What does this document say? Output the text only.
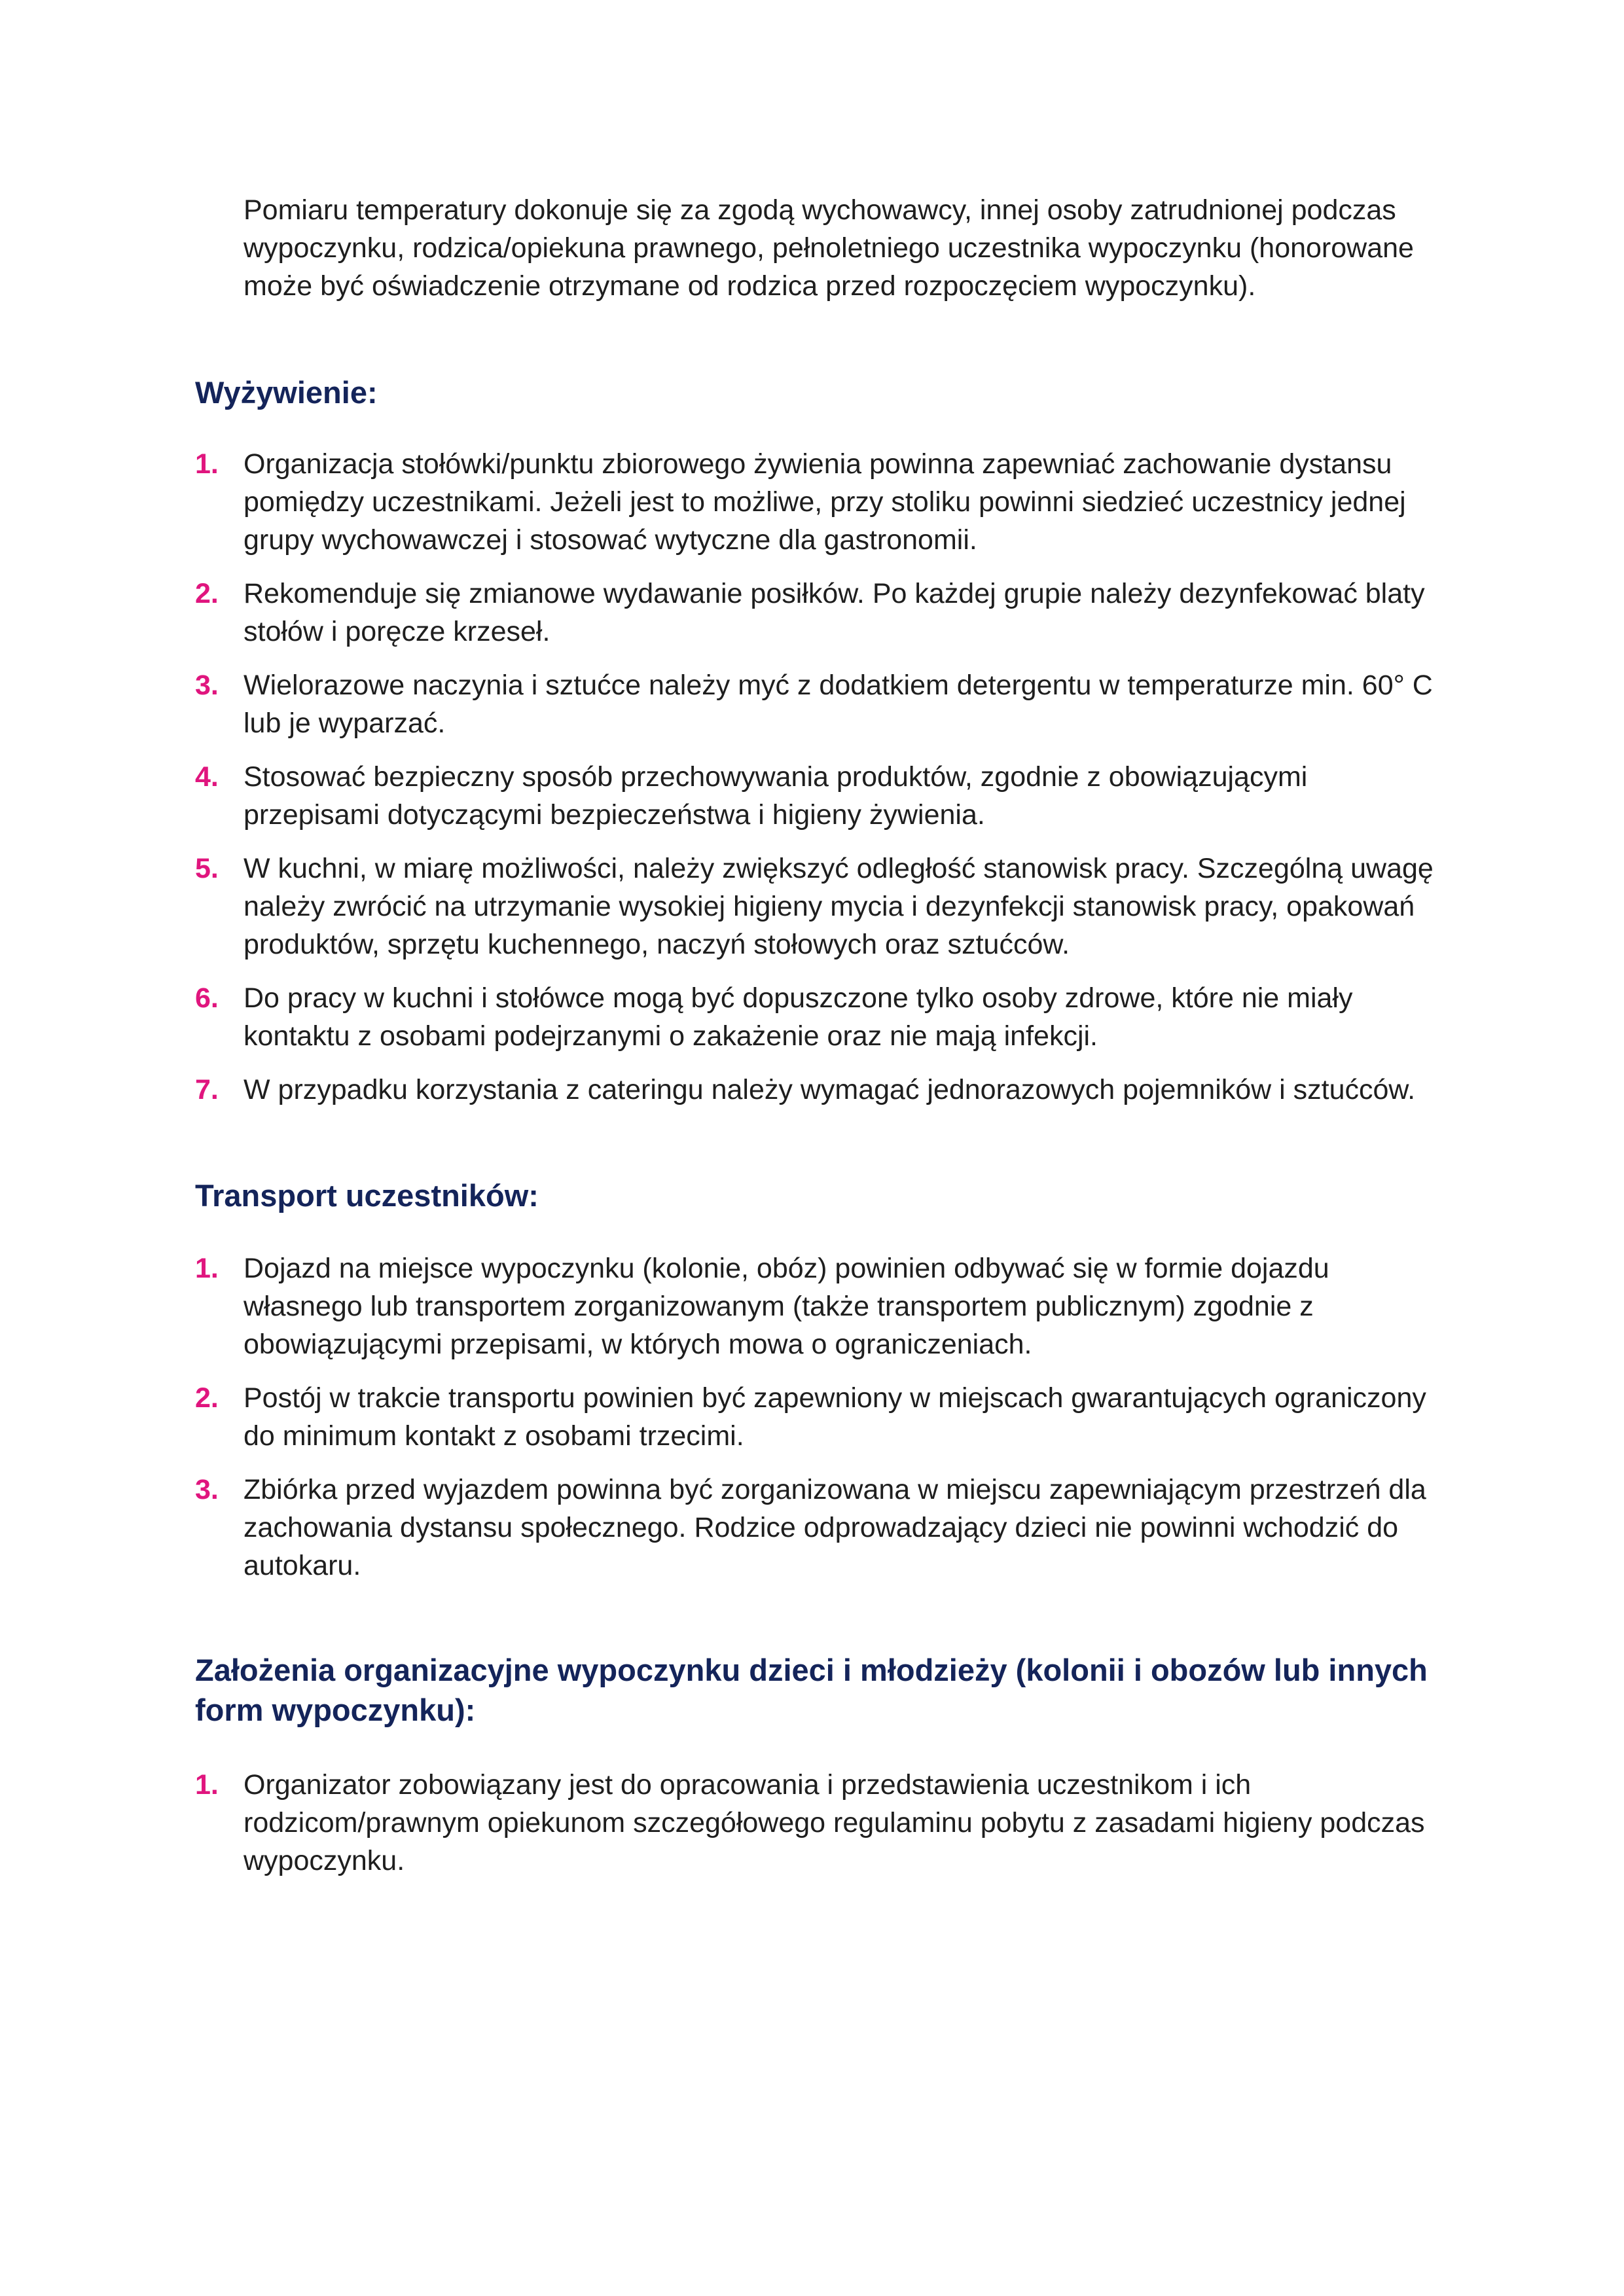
Pomiaru temperatury dokonuje się za zgodą wychowawcy, innej osoby zatrudnionej podczas wypoczynku, rodzica/opiekuna prawnego, pełnoletniego uczestnika wypoczynku (honorowane może być oświadczenie otrzymane od rodzica przed rozpoczęciem wypoczynku).

Wyżywienie:
1. Organizacja stołówki/punktu zbiorowego żywienia powinna zapewniać zachowanie dystansu pomiędzy uczestnikami. Jeżeli jest to możliwe, przy stoliku powinni siedzieć uczestnicy jednej grupy wychowawczej i stosować wytyczne dla gastronomii.
2. Rekomenduje się zmianowe wydawanie posiłków. Po każdej grupie należy dezynfekować blaty stołów i poręcze krzeseł.
3. Wielorazowe naczynia i sztućce należy myć z dodatkiem detergentu w temperaturze min. 60° C lub je wyparzać.
4. Stosować bezpieczny sposób przechowywania produktów, zgodnie z obowiązującymi przepisami dotyczącymi bezpieczeństwa i higieny żywienia.
5. W kuchni, w miarę możliwości, należy zwiększyć odległość stanowisk pracy. Szczególną uwagę należy zwrócić na utrzymanie wysokiej higieny mycia i dezynfekcji stanowisk pracy, opakowań produktów, sprzętu kuchennego, naczyń stołowych oraz sztućców.
6. Do pracy w kuchni i stołówce mogą być dopuszczone tylko osoby zdrowe, które nie miały kontaktu z osobami podejrzanymi o zakażenie oraz nie mają infekcji.
7. W przypadku korzystania z cateringu należy wymagać jednorazowych pojemników i sztućców.
Transport uczestników:
1. Dojazd na miejsce wypoczynku (kolonie, obóz) powinien odbywać się w formie dojazdu własnego lub transportem zorganizowanym (także transportem publicznym) zgodnie z obowiązującymi przepisami, w których mowa o ograniczeniach.
2. Postój w trakcie transportu powinien być zapewniony w miejscach gwarantujących ograniczony do minimum kontakt z osobami trzecimi.
3. Zbiórka przed wyjazdem powinna być zorganizowana w miejscu zapewniającym przestrzeń dla zachowania dystansu społecznego. Rodzice odprowadzający dzieci nie powinni wchodzić do autokaru.
Założenia organizacyjne wypoczynku dzieci i młodzieży (kolonii i obozów lub innych form wypoczynku):
1. Organizator zobowiązany jest do opracowania i przedstawienia uczestnikom i ich rodzicom/prawnym opiekunom szczegółowego regulaminu pobytu z zasadami higieny podczas wypoczynku.
